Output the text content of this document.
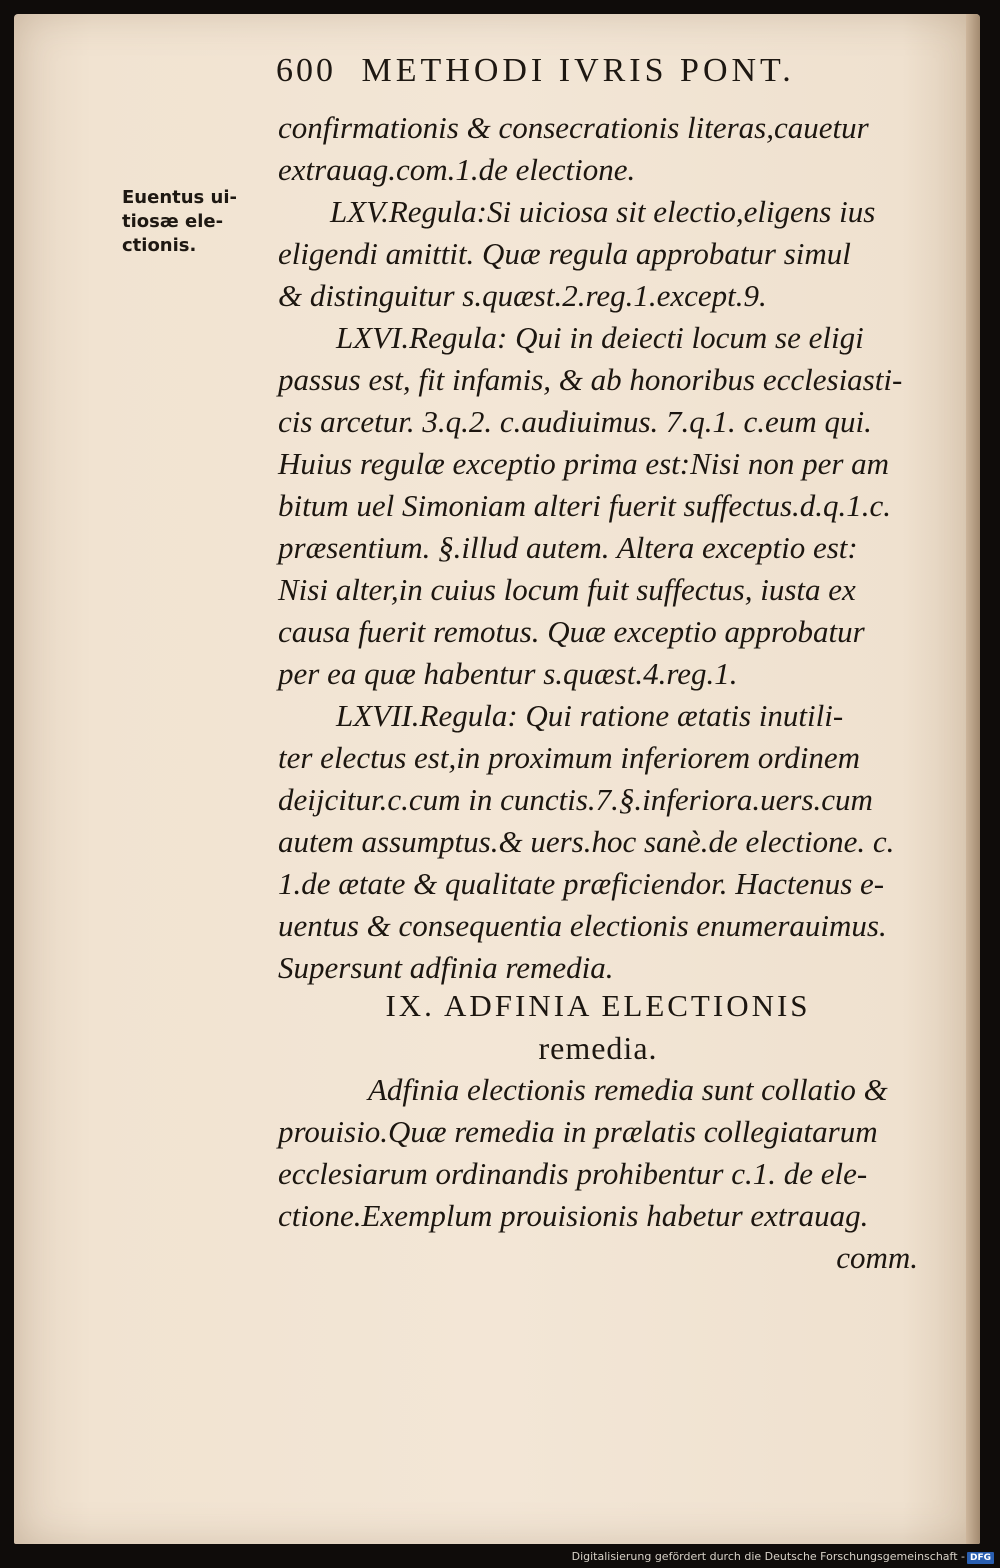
600 METHODI IVRIS PONT.
Euentus ui-
tiosæ ele-
ctionis.
confirmationis & consecrationis literas,cauetur
extrauag.com.1.de electione.
LXV.Regula:Si uiciosa sit electio,eligens ius
eligendi amittit. Quæ regula approbatur simul
& distinguitur s.quæst.2.reg.1.except.9.
LXVI.Regula: Qui in deiecti locum se eligi
passus est, fit infamis, & ab honoribus ecclesiasti-
cis arcetur. 3.q.2. c.audiuimus. 7.q.1. c.eum qui.
Huius regulæ exceptio prima est:Nisi non per am
bitum uel Simoniam alteri fuerit suffectus.d.q.1.c.
præsentium. §.illud autem. Altera exceptio est:
Nisi alter,in cuius locum fuit suffectus, iusta ex
causa fuerit remotus. Quæ exceptio approbatur
per ea quæ habentur s.quæst.4.reg.1.
LXVII.Regula: Qui ratione ætatis inutili-
ter electus est,in proximum inferiorem ordinem
deijcitur.c.cum in cunctis.7.§.inferiora.uers.cum
autem assumptus.& uers.hoc sanè.de electione. c.
1.de ætate & qualitate præficiendor. Hactenus e-
uentus & consequentia electionis enumerauimus.
Supersunt adfinia remedia.
IX. ADFINIA ELECTIONIS
remedia.
Adfinia electionis remedia sunt collatio &
prouisio.Quæ remedia in prælatis collegiatarum
ecclesiarum ordinandis prohibentur c.1. de ele-
ctione.Exemplum prouisionis habetur extrauag.
comm.
Digitalisierung gefördert durch die Deutsche Forschungsgemeinschaft - DFG
